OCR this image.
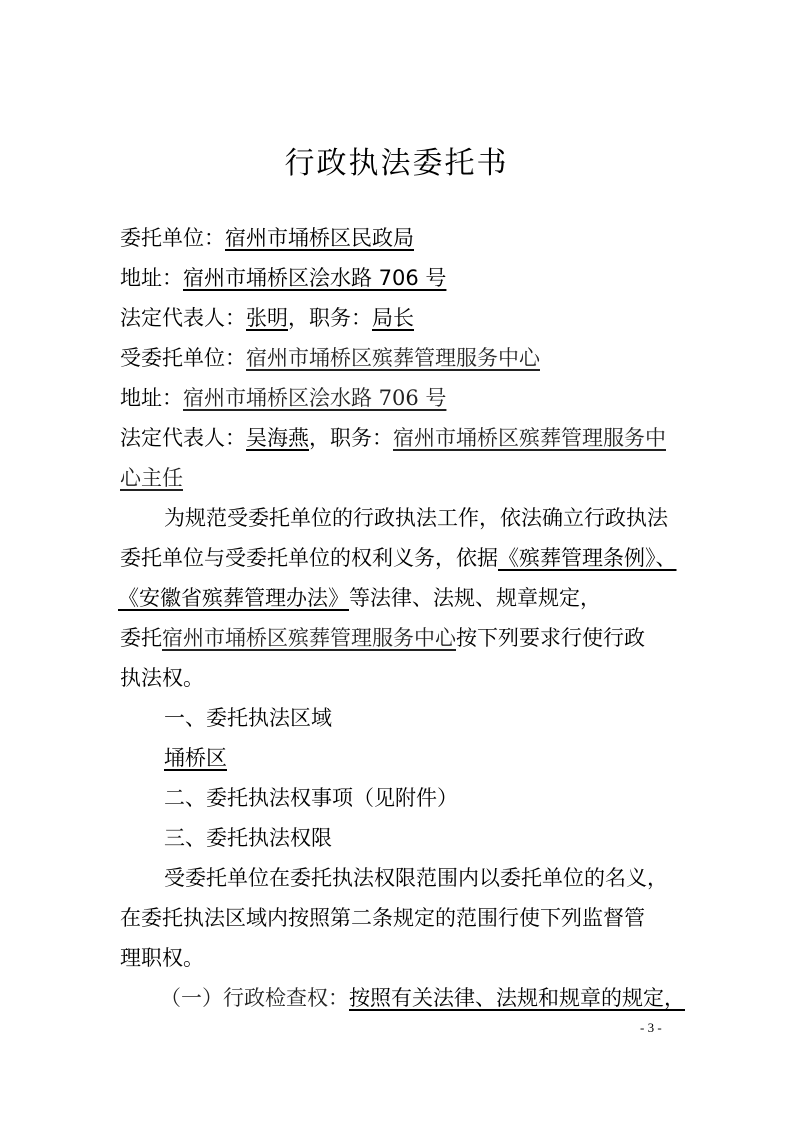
行政执法委托书
委托单位：宿州市埇桥区民政局
地址：宿州市埇桥区浍水路 706 号
法定代表人：张明，职务：局长
受委托单位：宿州市埇桥区殡葬管理服务中心
地址：宿州市埇桥区浍水路 706 号
法定代表人：吴海燕，职务：宿州市埇桥区殡葬管理服务中
心主任
为规范受委托单位的行政执法工作，依法确立行政执法
委托单位与受委托单位的权利义务，依据《殡葬管理条例》、
《安徽省殡葬管理办法》等法律、法规、规章规定，
委托宿州市埇桥区殡葬管理服务中心按下列要求行使行政
执法权。
一、委托执法区域
埇桥区
二、委托执法权事项（见附件）
三、委托执法权限
受委托单位在委托执法权限范围内以委托单位的名义，
在委托执法区域内按照第二条规定的范围行使下列监督管
理职权。
（一）行政检查权：按照有关法律、法规和规章的规定，
- 3 -
